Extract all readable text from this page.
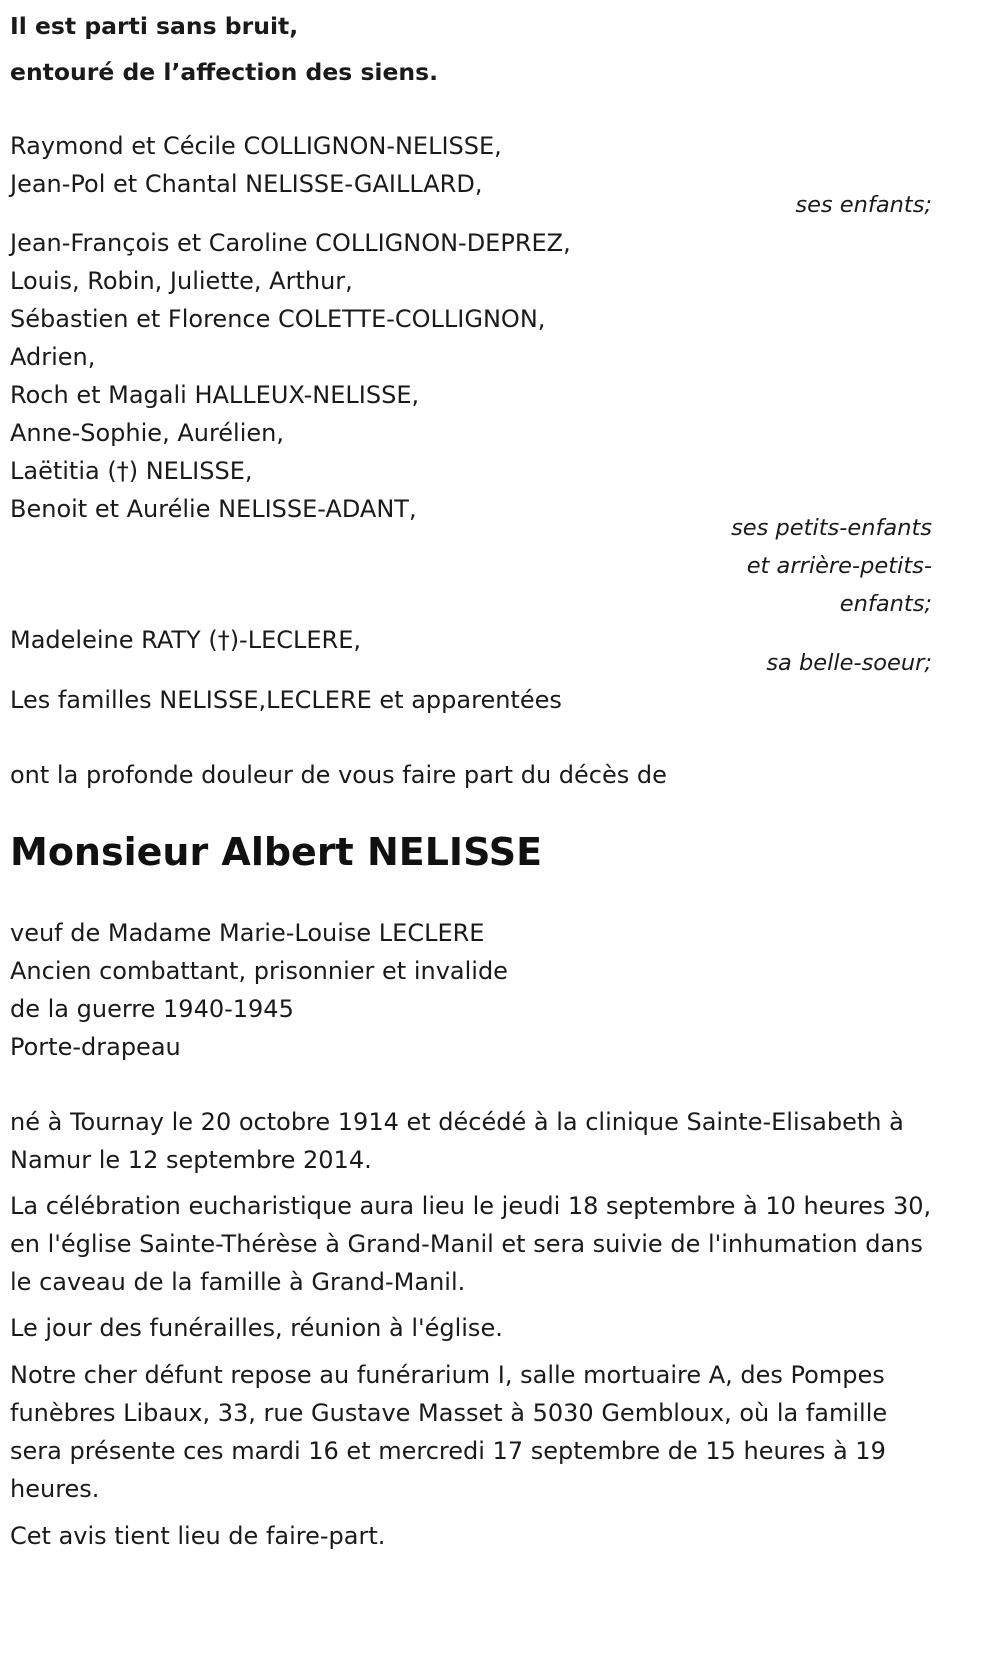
Il est parti sans bruit,
entouré de l’affection des siens.
Raymond et Cécile COLLIGNON-NELISSE,
Jean-Pol et Chantal NELISSE-GAILLARD,
ses enfants;
Jean-François et Caroline COLLIGNON-DEPREZ,
Louis, Robin, Juliette, Arthur,
Sébastien et Florence COLETTE-COLLIGNON,
Adrien,
Roch et Magali HALLEUX-NELISSE,
Anne-Sophie, Aurélien,
Laëtitia (†) NELISSE,
Benoit et Aurélie NELISSE-ADANT,
ses petits-enfants
et arrière-petits-
enfants;
Madeleine RATY (†)-LECLERE,
sa belle-soeur;
Les familles NELISSE,LECLERE et apparentées
ont la profonde douleur de vous faire part du décès de
Monsieur Albert NELISSE
veuf de Madame Marie-Louise LECLERE
Ancien combattant, prisonnier et invalide
de la guerre 1940-1945
Porte-drapeau
né à Tournay le 20 octobre 1914 et décédé à la clinique Sainte-Elisabeth à Namur le 12 septembre 2014.
La célébration eucharistique aura lieu le jeudi 18 septembre à 10 heures 30, en l'église Sainte-Thérèse à Grand-Manil et sera suivie de l'inhumation dans le caveau de la famille à Grand-Manil.
Le jour des funérailles, réunion à l'église.
Notre cher défunt repose au funérarium I, salle mortuaire A, des Pompes funèbres Libaux, 33, rue Gustave Masset à 5030 Gembloux, où la famille sera présente ces mardi 16 et mercredi 17 septembre de 15 heures à 19 heures.
Cet avis tient lieu de faire-part.
